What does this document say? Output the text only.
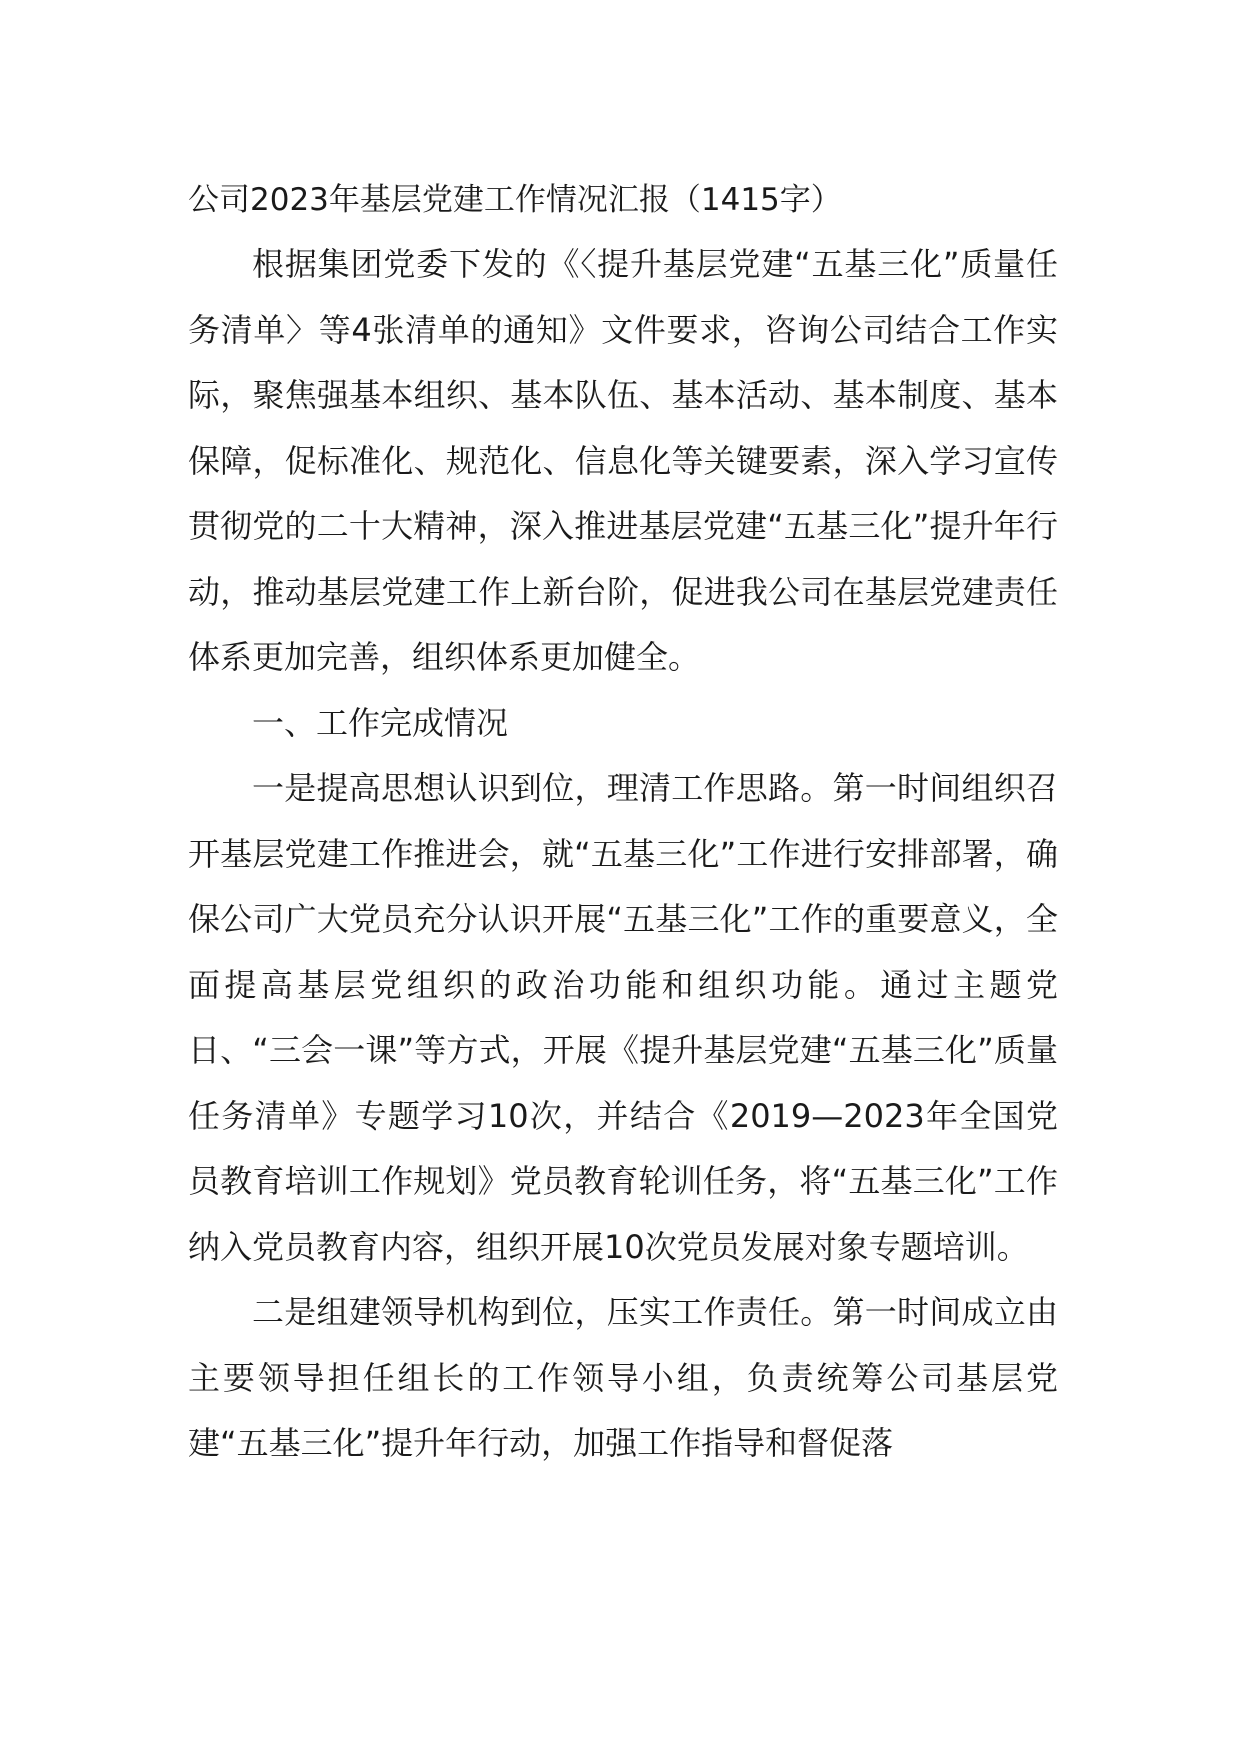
公司2023年基层党建工作情况汇报（1415字）

根据集团党委下发的《〈提升基层党建“五基三化”质量任务清单〉等4张清单的通知》文件要求，咨询公司结合工作实际，聚焦强基本组织、基本队伍、基本活动、基本制度、基本保障，促标准化、规范化、信息化等关键要素，深入学习宣传贯彻党的二十大精神，深入推进基层党建“五基三化”提升年行动，推动基层党建工作上新台阶，促进我公司在基层党建责任体系更加完善，组织体系更加健全。

一、工作完成情况

一是提高思想认识到位，理清工作思路。第一时间组织召开基层党建工作推进会，就“五基三化”工作进行安排部署，确保公司广大党员充分认识开展“五基三化”工作的重要意义，全面提高基层党组织的政治功能和组织功能。通过主题党日、“三会一课”等方式，开展《提升基层党建“五基三化”质量任务清单》专题学习10次，并结合《2019—2023年全国党员教育培训工作规划》党员教育轮训任务，将“五基三化”工作纳入党员教育内容，组织开展10次党员发展对象专题培训。

二是组建领导机构到位，压实工作责任。第一时间成立由主要领导担任组长的工作领导小组，负责统筹公司基层党建“五基三化”提升年行动，加强工作指导和督促落
